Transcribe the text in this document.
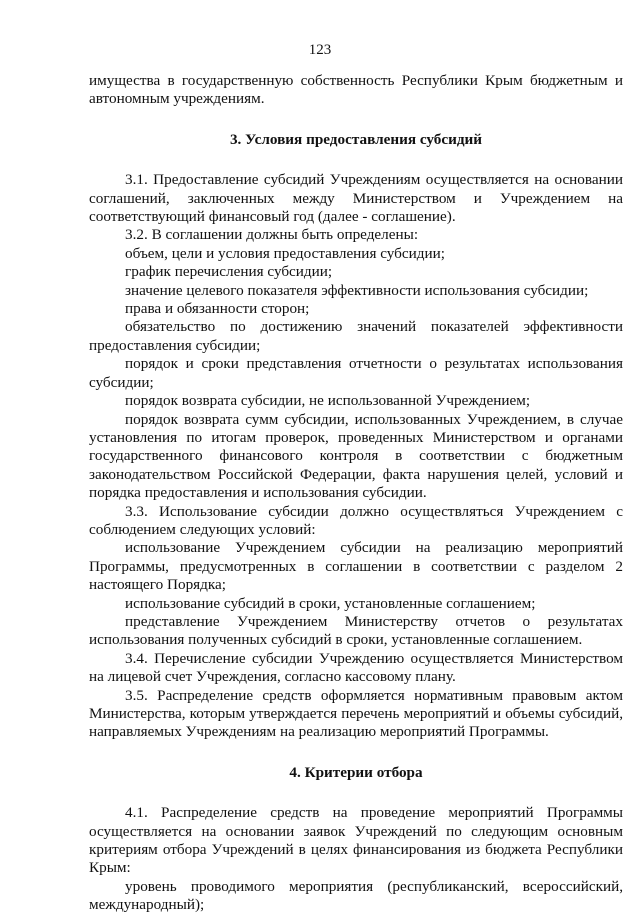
123

имущества в государственную собственность Республики Крым бюджетным и автономным учреждениям.

3. Условия предоставления субсидий

3.1. Предоставление субсидий Учреждениям осуществляется на основании соглашений, заключенных между Министерством и Учреждением на соответствующий финансовый год (далее - соглашение).

3.2. В соглашении должны быть определены:

объем, цели и условия предоставления субсидии;

график перечисления субсидии;

значение целевого показателя эффективности использования субсидии;

права и обязанности сторон;

обязательство по достижению значений показателей эффективности предоставления субсидии;

порядок и сроки представления отчетности о результатах использования субсидии;

порядок возврата субсидии, не использованной Учреждением;

порядок возврата сумм субсидии, использованных Учреждением, в случае установления по итогам проверок, проведенных Министерством и органами государственного финансового контроля в соответствии с бюджетным законодательством Российской Федерации, факта нарушения целей, условий и порядка предоставления и использования субсидии.

3.3. Использование субсидии должно осуществляться Учреждением с соблюдением следующих условий:

использование Учреждением субсидии на реализацию мероприятий Программы, предусмотренных в соглашении в соответствии с разделом 2 настоящего Порядка;

использование субсидий в сроки, установленные соглашением;

представление Учреждением Министерству отчетов о результатах использования полученных субсидий в сроки, установленные соглашением.

3.4. Перечисление субсидии Учреждению осуществляется Министерством на лицевой счет Учреждения, согласно кассовому плану.

3.5. Распределение средств оформляется нормативным правовым актом Министерства, которым утверждается перечень мероприятий и объемы субсидий, направляемых Учреждениям на реализацию мероприятий Программы.

4. Критерии отбора

4.1. Распределение средств на проведение мероприятий Программы осуществляется на основании заявок Учреждений по следующим основным критериям отбора Учреждений в целях финансирования из бюджета Республики Крым:

уровень проводимого мероприятия (республиканский, всероссийский, международный);
